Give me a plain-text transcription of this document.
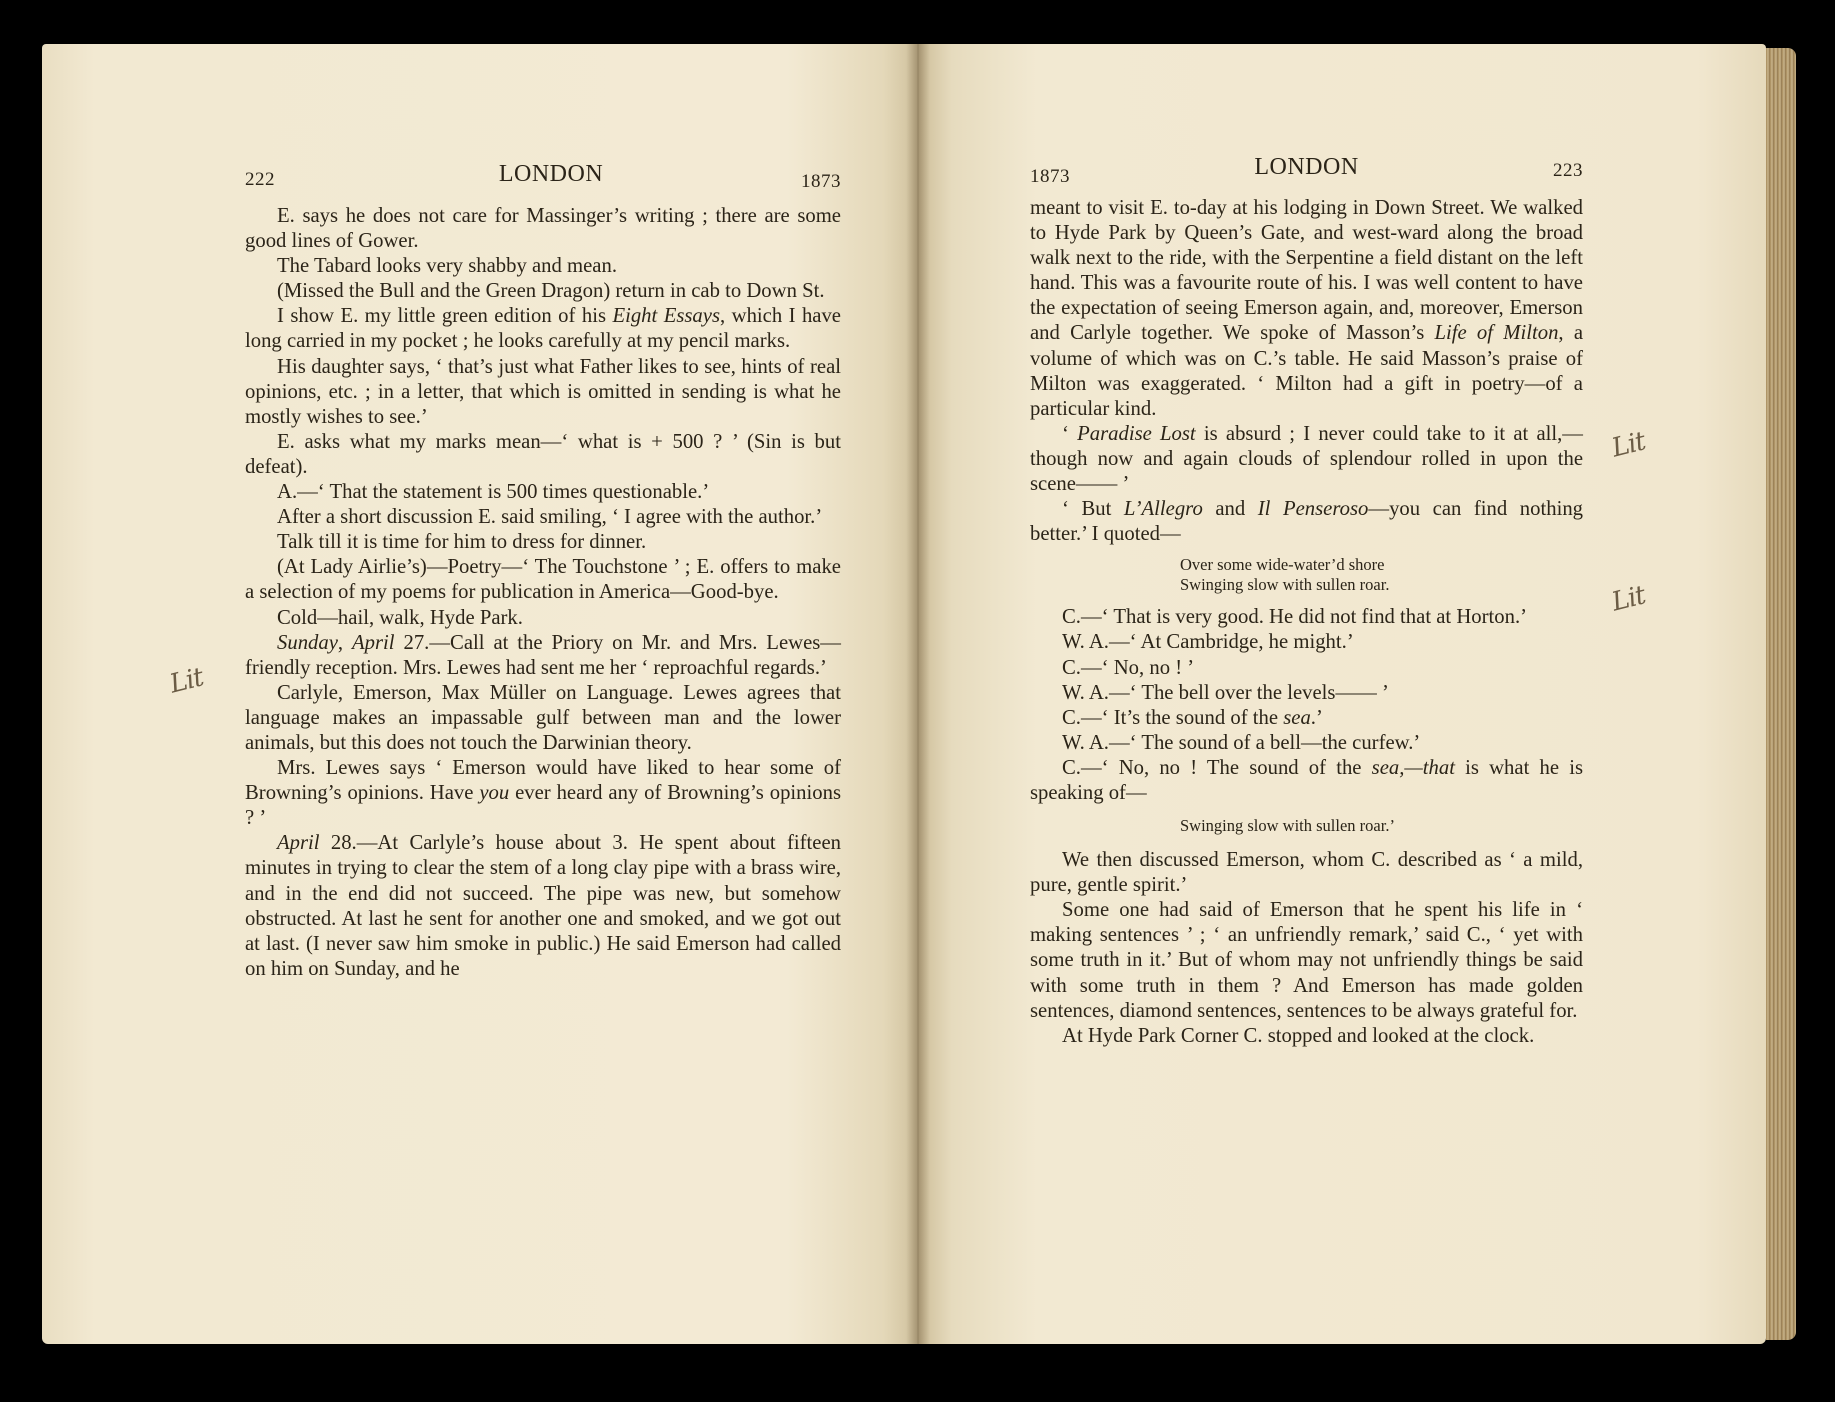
222	LONDON	1873

E. says he does not care for Massinger’s writing ; there are some good lines of Gower.

The Tabard looks very shabby and mean.

(Missed the Bull and the Green Dragon) return in cab to Down St.

I show E. my little green edition of his Eight Essays, which I have long carried in my pocket ; he looks carefully at my pencil marks.

His daughter says, ‘ that’s just what Father likes to see, hints of real opinions, etc. ; in a letter, that which is omitted in sending is what he mostly wishes to see.’

E. asks what my marks mean—‘ what is + 500 ? ’ (Sin is but defeat).

A.—‘ That the statement is 500 times questionable.’

After a short discussion E. said smiling, ‘ I agree with the author.’

Talk till it is time for him to dress for dinner.

(At Lady Airlie’s)—Poetry—‘ The Touchstone ’ ; E. offers to make a selection of my poems for publication in America—Good-bye.

Cold—hail, walk, Hyde Park.

Sunday, April 27.—Call at the Priory on Mr. and Mrs. Lewes—friendly reception. Mrs. Lewes had sent me her ‘ reproachful regards.’

Carlyle, Emerson, Max Müller on Language. Lewes agrees that language makes an impassable gulf between man and the lower animals, but this does not touch the Darwinian theory.

Mrs. Lewes says ‘ Emerson would have liked to hear some of Browning’s opinions. Have you ever heard any of Browning’s opinions ? ’

April 28.—At Carlyle’s house about 3. He spent about fifteen minutes in trying to clear the stem of a long clay pipe with a brass wire, and in the end did not succeed. The pipe was new, but somehow obstructed. At last he sent for another one and smoked, and we got out at last. (I never saw him smoke in public.) He said Emerson had called on him on Sunday, and he

Lit
1873	LONDON	223

meant to visit E. to-day at his lodging in Down Street. We walked to Hyde Park by Queen’s Gate, and west-ward along the broad walk next to the ride, with the Serpentine a field distant on the left hand. This was a favourite route of his. I was well content to have the expectation of seeing Emerson again, and, moreover, Emerson and Carlyle together. We spoke of Masson’s Life of Milton, a volume of which was on C.’s table. He said Masson’s praise of Milton was exaggerated. ‘ Milton had a gift in poetry—of a particular kind.

‘ Paradise Lost is absurd ; I never could take to it at all,—though now and again clouds of splendour rolled in upon the scene—— ’

‘ But L’Allegro and Il Penseroso—you can find nothing better.’ I quoted—

Over some wide-water’d shore
Swinging slow with sullen roar.

C.—‘ That is very good. He did not find that at Horton.’

W. A.—‘ At Cambridge, he might.’

C.—‘ No, no ! ’

W. A.—‘ The bell over the levels—— ’

C.—‘ It’s the sound of the sea.’

W. A.—‘ The sound of a bell—the curfew.’

C.—‘ No, no ! The sound of the sea,—that is what he is speaking of—

Swinging slow with sullen roar.’

We then discussed Emerson, whom C. described as ‘ a mild, pure, gentle spirit.’

Some one had said of Emerson that he spent his life in ‘ making sentences ’ ; ‘ an unfriendly remark,’ said C., ‘ yet with some truth in it.’ But of whom may not unfriendly things be said with some truth in them ? And Emerson has made golden sentences, diamond sentences, sentences to be always grateful for.

At Hyde Park Corner C. stopped and looked at the clock.

Lit
Lit
